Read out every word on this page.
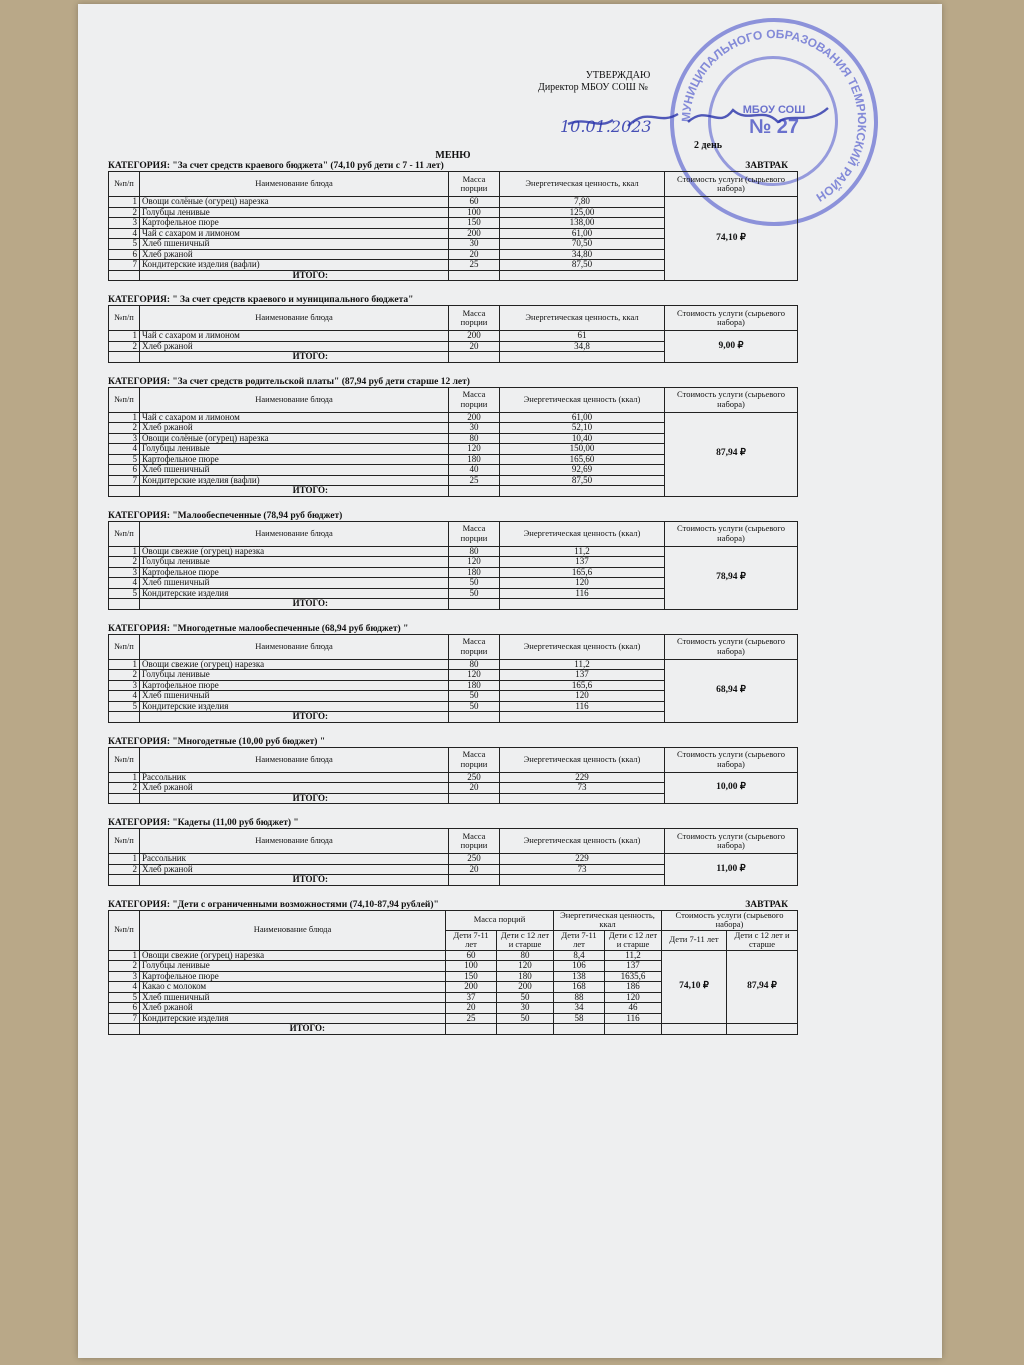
МУНИЦИПАЛЬНОГО ОБРАЗОВАНИЯ ТЕМРЮКСКИЙ РАЙОН
МБОУ СОШ
№ 27
10.01.2023
УТВЕРЖДАЮ
Директор МБОУ СОШ №
2 день
МЕНЮ
КАТЕГОРИЯ: "За счет средств краевого бюджета" (74,10 руб дети с 7 - 11 лет)	ЗАВТРАК
№п/п	Наименование блюда	Масса порции	Энергетическая ценность, ккал	Стоимость услуги (сырьевого набора)
1	Овощи солёные (огурец) нарезка	60	7,80	74,10 ₽
2	Голубцы ленивые	100	125,00	
3	Картофельное пюре	150	138,00	
4	Чай с сахаром и лимоном	200	61,00	
5	Хлеб пшеничный	30	70,50	
6	Хлеб ржаной	20	34,80	
7	Кондитерские изделия (вафли)	25	87,50	
	ИТОГО:			
КАТЕГОРИЯ: " За счет средств краевого и муниципального бюджета"
№п/п	Наименование блюда	Масса порции	Энергетическая ценность, ккал	Стоимость услуги (сырьевого набора)
1	Чай с сахаром и лимоном	200	61	9,00 ₽
2	Хлеб ржаной	20	34,8	
	ИТОГО:			
КАТЕГОРИЯ: "За счет средств родительской платы" (87,94 руб дети старше 12 лет)
№п/п	Наименование блюда	Масса порции	Энергетическая ценность (ккал)	Стоимость услуги (сырьевого набора)
1	Чай с сахаром и лимоном	200	61,00	87,94 ₽
2	Хлеб ржаной	30	52,10	
3	Овощи солёные (огурец) нарезка	80	10,40	
4	Голубцы ленивые	120	150,00	
5	Картофельное пюре	180	165,60	
6	Хлеб пшеничный	40	92,69	
7	Кондитерские изделия (вафли)	25	87,50	
	ИТОГО:			
КАТЕГОРИЯ: "Малообеспеченные (78,94 руб бюджет)
№п/п	Наименование блюда	Масса порции	Энергетическая ценность (ккал)	Стоимость услуги (сырьевого набора)
1	Овощи свежие (огурец) нарезка	80	11,2	78,94 ₽
2	Голубцы ленивые	120	137	
3	Картофельное пюре	180	165,6	
4	Хлеб пшеничный	50	120	
5	Кондитерские изделия	50	116	
	ИТОГО:			
КАТЕГОРИЯ: "Многодетные малообеспеченные (68,94 руб бюджет) "
№п/п	Наименование блюда	Масса порции	Энергетическая ценность (ккал)	Стоимость услуги (сырьевого набора)
1	Овощи свежие (огурец) нарезка	80	11,2	68,94 ₽
2	Голубцы ленивые	120	137	
3	Картофельное пюре	180	165,6	
4	Хлеб пшеничный	50	120	
5	Кондитерские изделия	50	116	
	ИТОГО:			
КАТЕГОРИЯ: "Многодетные (10,00 руб бюджет) "
№п/п	Наименование блюда	Масса порции	Энергетическая ценность (ккал)	Стоимость услуги (сырьевого набора)
1	Рассольник	250	229	10,00 ₽
2	Хлеб ржаной	20	73	
	ИТОГО:			
КАТЕГОРИЯ: "Кадеты (11,00 руб бюджет) "
№п/п	Наименование блюда	Масса порции	Энергетическая ценность (ккал)	Стоимость услуги (сырьевого набора)
1	Рассольник	250	229	11,00 ₽
2	Хлеб ржаной	20	73	
	ИТОГО:			
КАТЕГОРИЯ: "Дети с ограниченными возможностями (74,10-87,94 рублей)"	ЗАВТРАК
№п/п	Наименование блюда	Масса порций		Энергетическая ценность, ккал		Стоимость услуги (сырьевого набора)	
		Дети 7-11 лет	Дети с 12 лет и старше	Дети 7-11 лет	Дети с 12 лет и старше	Дети 7-11 лет	Дети с 12 лет и старше
1	Овощи свежие (огурец) нарезка	60	80	8,4	11,2	74,10 ₽	87,94 ₽
2	Голубцы ленивые	100	120	106	137		
3	Картофельное пюре	150	180	138	1635,6		
4	Какао с молоком	200	200	168	186		
5	Хлеб пшеничный	37	50	88	120		
6	Хлеб ржаной	20	30	34	46		
7	Кондитерские изделия	25	50	58	116		
	ИТОГО:						
